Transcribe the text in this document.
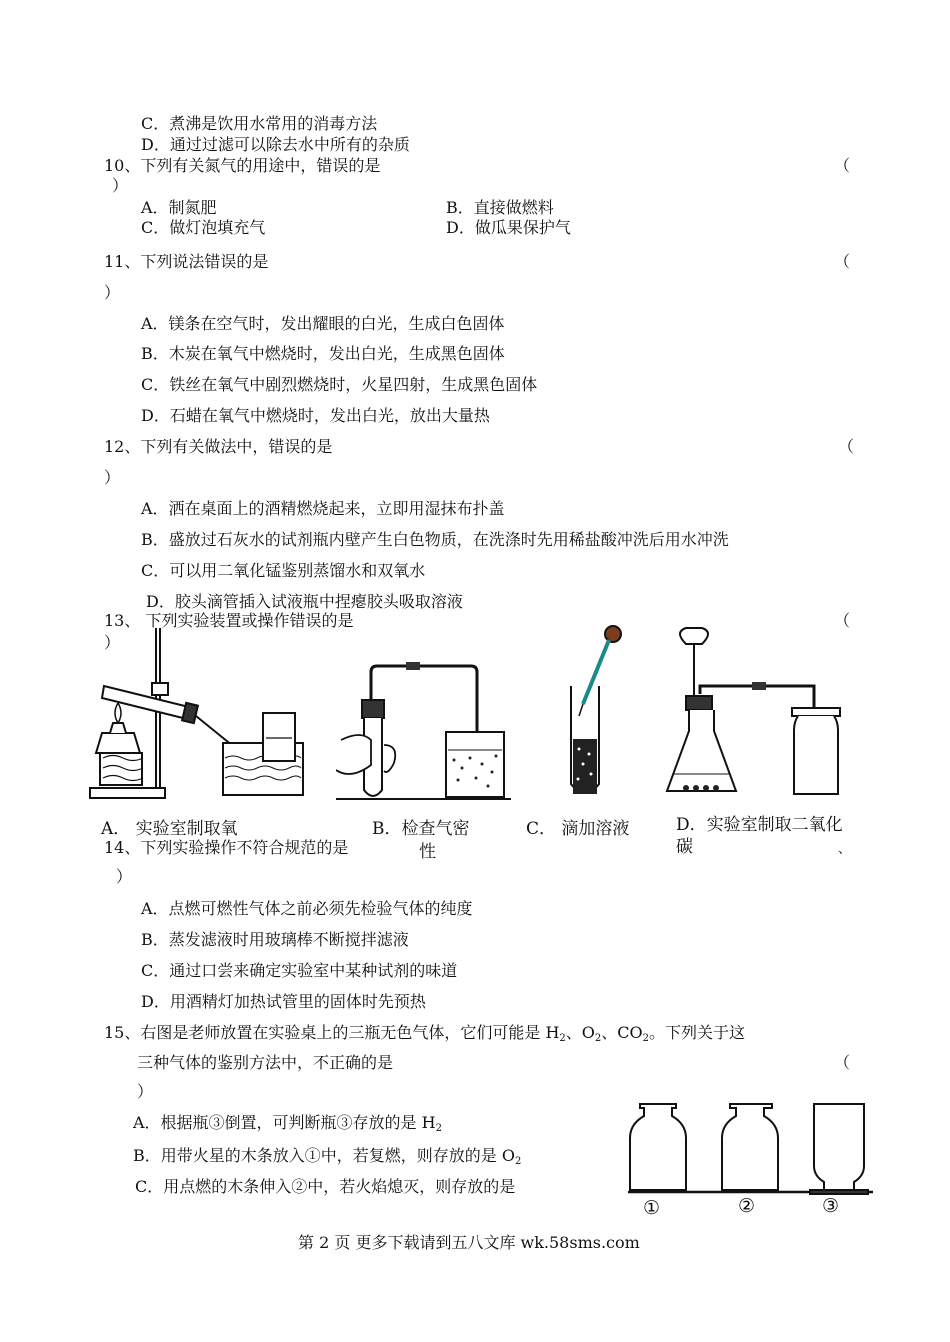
C．煮沸是饮用水常用的消毒方法
D．通过过滤可以除去水中所有的杂质
10、下列有关氮气的用途中，错误的是	（
）
A．制氮肥	B．直接做燃料
C．做灯泡填充气	D．做瓜果保护气
11、下列说法错误的是	（
）
A．镁条在空气时，发出耀眼的白光，生成白色固体
B．木炭在氧气中燃烧时，发出白光，生成黑色固体
C．铁丝在氧气中剧烈燃烧时，火星四射，生成黑色固体
D．石蜡在氧气中燃烧时，发出白光，放出大量热
12、下列有关做法中，错误的是	（
）
A．洒在桌面上的酒精燃烧起来，立即用湿抹布扑盖
B．盛放过石灰水的试剂瓶内壁产生白色物质，在洗涤时先用稀盐酸冲洗后用水冲洗
C．可以用二氧化锰鉴别蒸馏水和双氧水
D．胶头滴管插入试液瓶中捏瘪胶头吸取溶液
13、 下列实验装置或操作错误的是	（
）
A． 实验室制取氧	B．检查气密
性
C． 滴加溶液	D．实验室制取二氧化
碳	、
14、下列实验操作不符合规范的是
）
A．点燃可燃性气体之前必须先检验气体的纯度
B．蒸发滤液时用玻璃棒不断搅拌滤液
C．通过口尝来确定实验室中某种试剂的味道
D．用酒精灯加热试管里的固体时先预热
15、右图是老师放置在实验桌上的三瓶无色气体，它们可能是 $H_2$、$O_2$、$CO_2$。下列关于这
三种气体的鉴别方法中，不正确的是	（
）
A．根据瓶③倒置，可判断瓶③存放的是 $H_2$
B．用带火星的木条放入①中，若复燃，则存放的是 $O_2$
C．用点燃的木条伸入②中，若火焰熄灭，则存放的是
①	②	③
第 2 页 更多下载请到五八文库 wk.58sms.com
